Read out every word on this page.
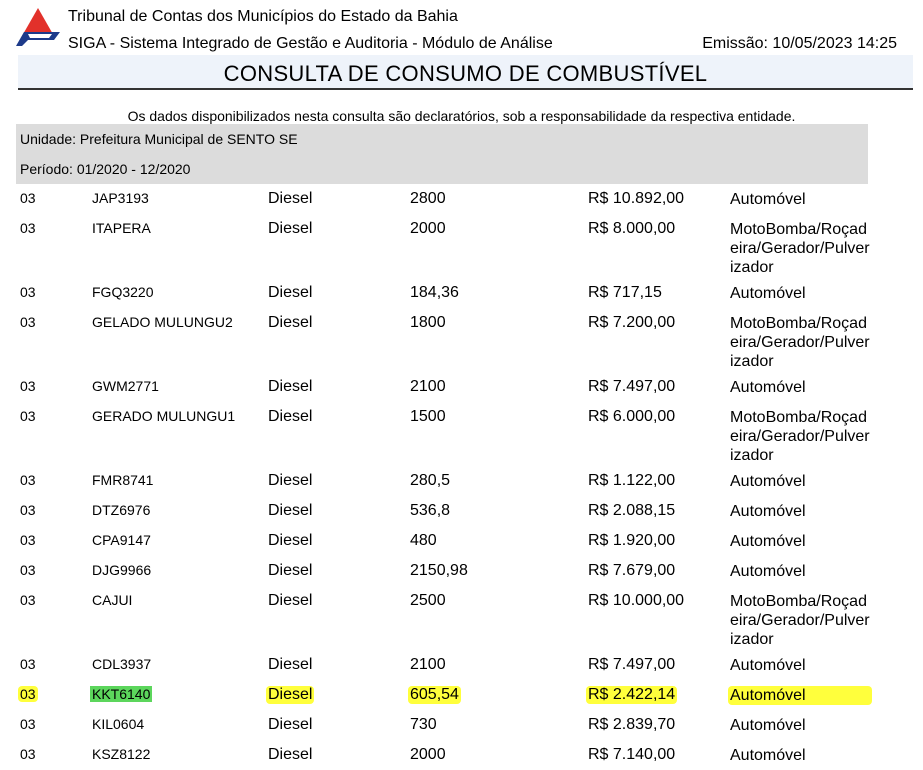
Tribunal de Contas dos Municípios do Estado da Bahia
SIGA - Sistema Integrado de Gestão e Auditoria - Módulo de Análise	Emissão: 10/05/2023 14:25
CONSULTA DE CONSUMO DE COMBUSTÍVEL
Os dados disponibilizados nesta consulta são declaratórios, sob a responsabilidade da respectiva entidade.
Unidade: Prefeitura Municipal de SENTO SE
Período: 01/2020 - 12/2020
03	JAP3193	Diesel	2800	R$ 10.892,00	Automóvel
03	ITAPERA	Diesel	2000	R$ 8.000,00	MotoBomba/Roçadeira/Gerador/Pulverizador
03	FGQ3220	Diesel	184,36	R$ 717,15	Automóvel
03	GELADO MULUNGU2 Diesel	1800	R$ 7.200,00	MotoBomba/Roçadeira/Gerador/Pulverizador
03	GWM2771	Diesel	2100	R$ 7.497,00	Automóvel
03	GERADO MULUNGU1 Diesel	1500	R$ 6.000,00	MotoBomba/Roçadeira/Gerador/Pulverizador
03	FMR8741	Diesel	280,5	R$ 1.122,00	Automóvel
03	DTZ6976	Diesel	536,8	R$ 2.088,15	Automóvel
03	CPA9147	Diesel	480	R$ 1.920,00	Automóvel
03	DJG9966	Diesel	2150,98	R$ 7.679,00	Automóvel
03	CAJUI	Diesel	2500	R$ 10.000,00	MotoBomba/Roçadeira/Gerador/Pulverizador
03	CDL3937	Diesel	2100	R$ 7.497,00	Automóvel
03	KKT6140	Diesel	605,54	R$ 2.422,14	Automóvel
03	KIL0604	Diesel	730	R$ 2.839,70	Automóvel
03	KSZ8122	Diesel	2000	R$ 7.140,00	Automóvel
